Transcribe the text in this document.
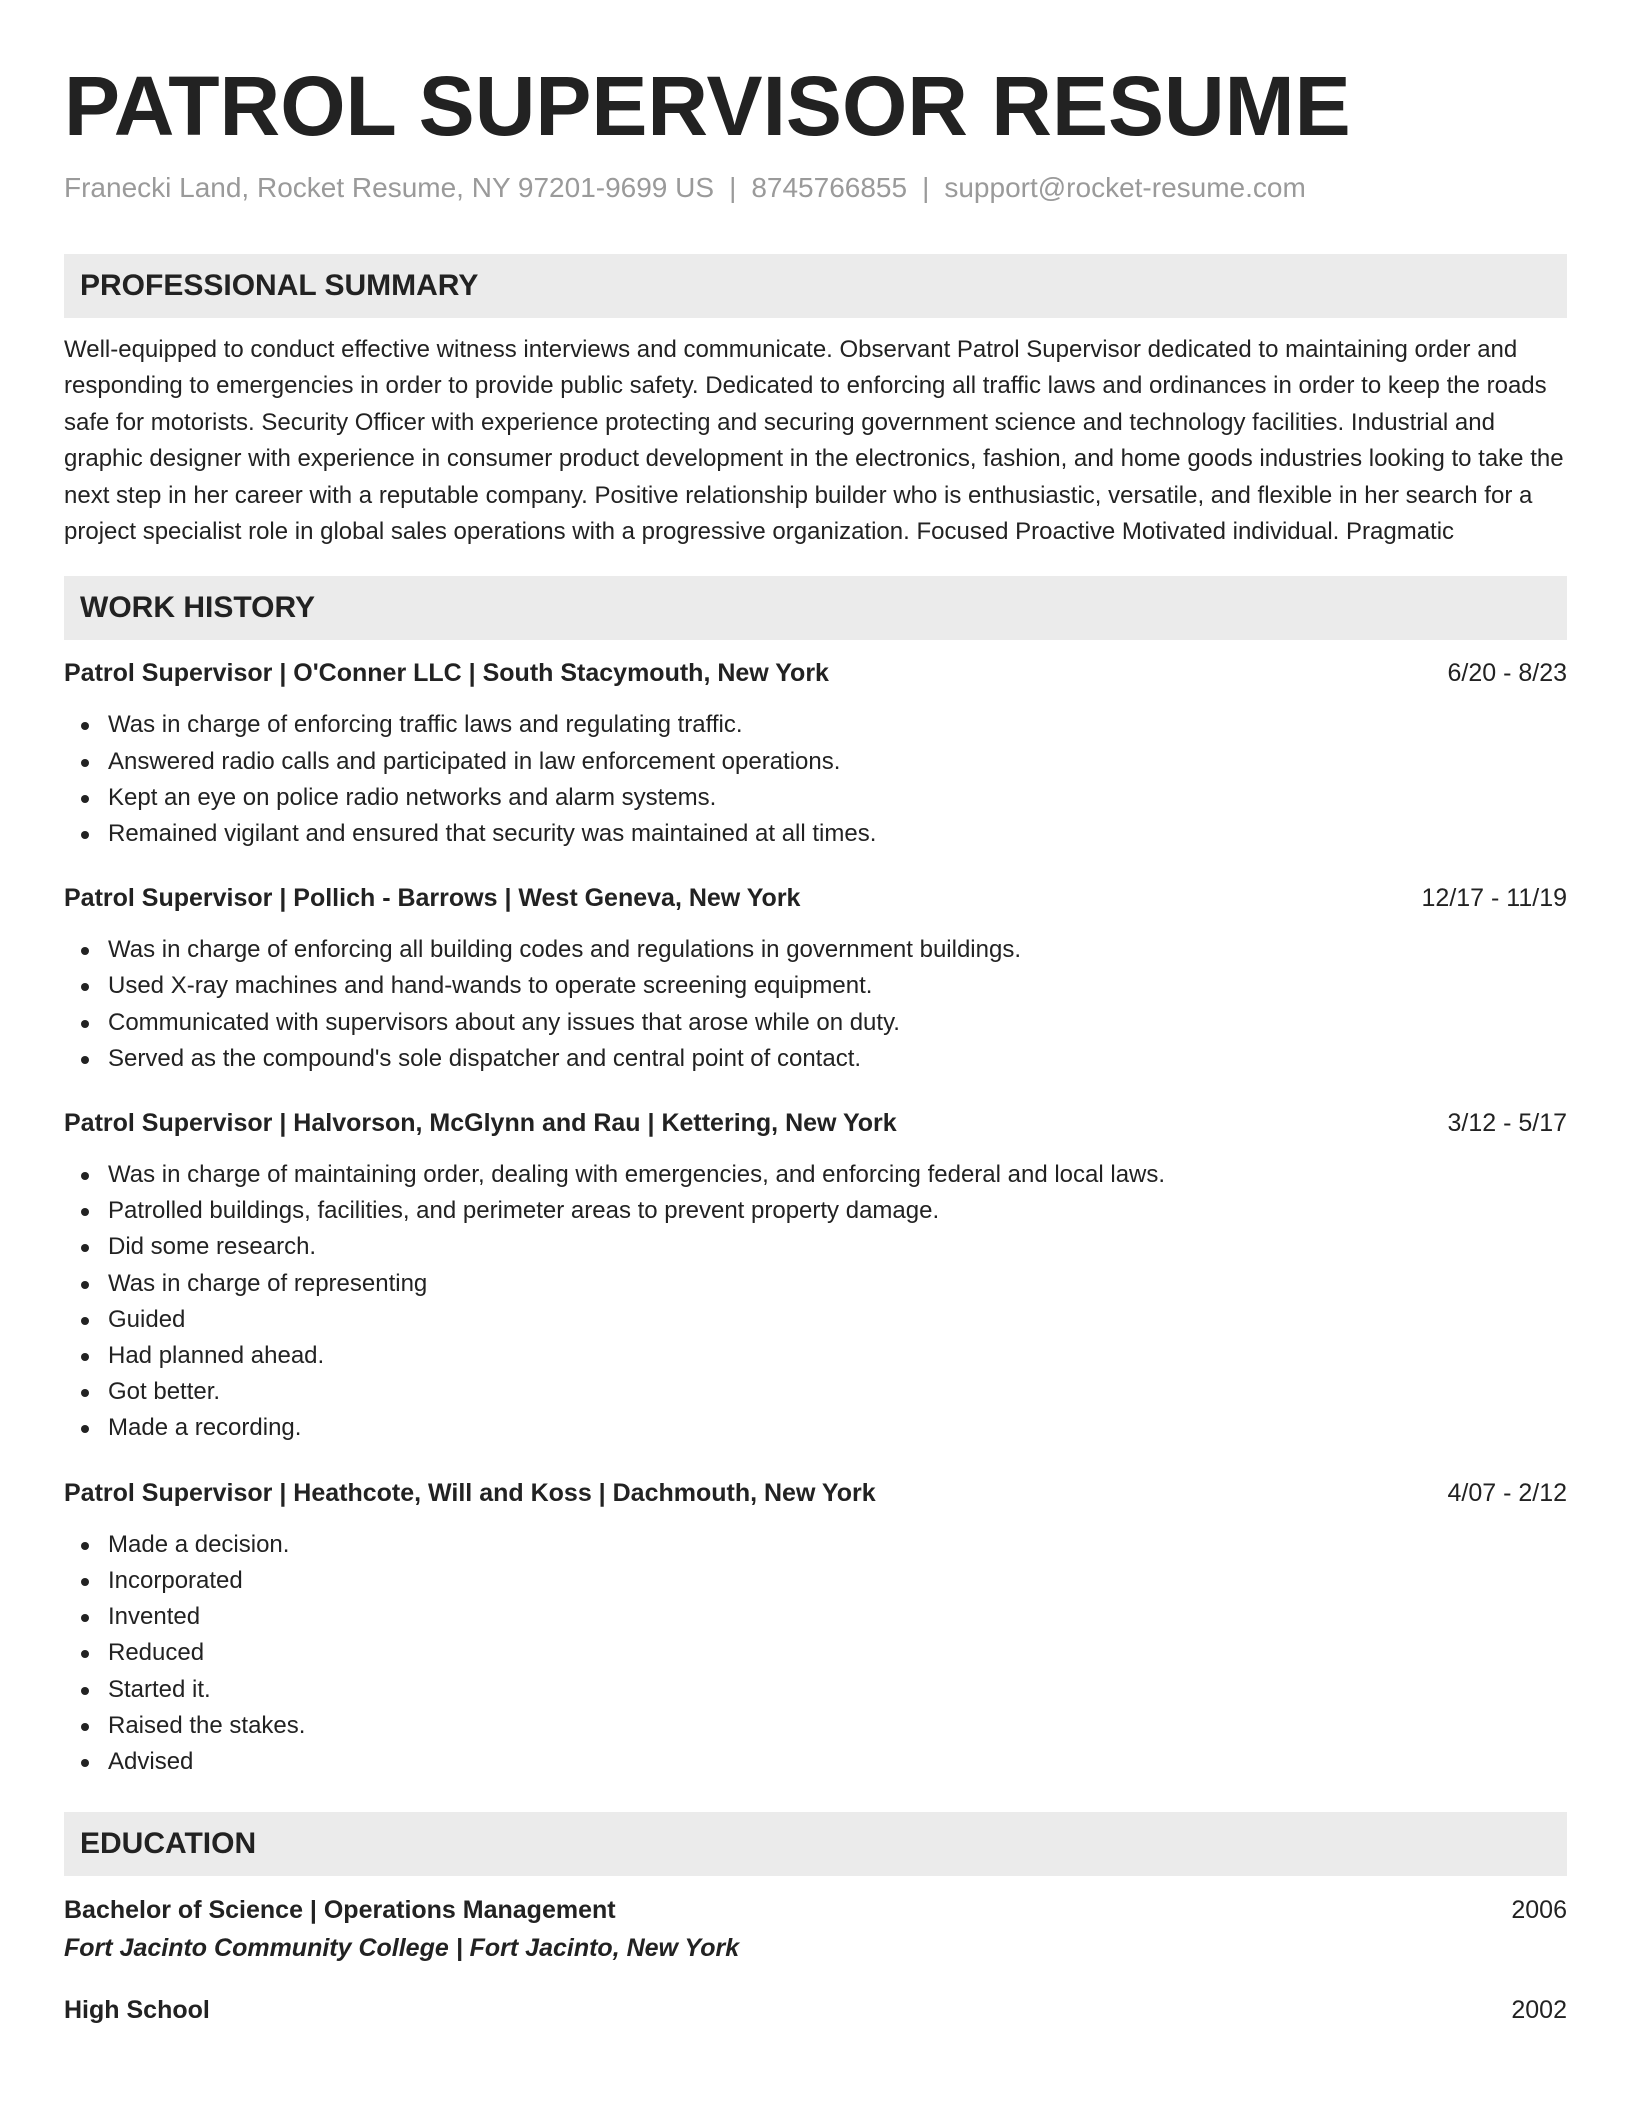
PATROL SUPERVISOR RESUME
Franecki Land, Rocket Resume, NY 97201-9699 US | 8745766855 | support@rocket-resume.com
PROFESSIONAL SUMMARY

Well-equipped to conduct effective witness interviews and communicate. Observant Patrol Supervisor dedicated to maintaining order and responding to emergencies in order to provide public safety. Dedicated to enforcing all traffic laws and ordinances in order to keep the roads safe for motorists. Security Officer with experience protecting and securing government science and technology facilities. Industrial and graphic designer with experience in consumer product development in the electronics, fashion, and home goods industries looking to take the next step in her career with a reputable company. Positive relationship builder who is enthusiastic, versatile, and flexible in her search for a project specialist role in global sales operations with a progressive organization. Focused Proactive Motivated individual. Pragmatic

WORK HISTORY
Patrol Supervisor | O'Conner LLC | South Stacymouth, New York	6/20 - 8/23
Was in charge of enforcing traffic laws and regulating traffic.
Answered radio calls and participated in law enforcement operations.
Kept an eye on police radio networks and alarm systems.
Remained vigilant and ensured that security was maintained at all times.
Patrol Supervisor | Pollich - Barrows | West Geneva, New York	12/17 - 11/19
Was in charge of enforcing all building codes and regulations in government buildings.
Used X-ray machines and hand-wands to operate screening equipment.
Communicated with supervisors about any issues that arose while on duty.
Served as the compound's sole dispatcher and central point of contact.
Patrol Supervisor | Halvorson, McGlynn and Rau | Kettering, New York	3/12 - 5/17
Was in charge of maintaining order, dealing with emergencies, and enforcing federal and local laws.
Patrolled buildings, facilities, and perimeter areas to prevent property damage.
Did some research.
Was in charge of representing
Guided
Had planned ahead.
Got better.
Made a recording.
Patrol Supervisor | Heathcote, Will and Koss | Dachmouth, New York	4/07 - 2/12
Made a decision.
Incorporated
Invented
Reduced
Started it.
Raised the stakes.
Advised
EDUCATION
Bachelor of Science | Operations Management	2006
Fort Jacinto Community College | Fort Jacinto, New York
High School	2002
